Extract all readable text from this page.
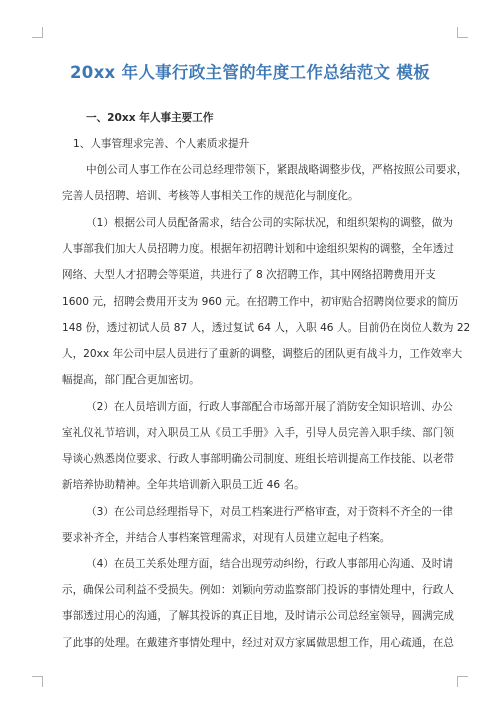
20xx 年人事行政主管的年度工作总结范文 模板
一、20xx 年人事主要工作
1、人事管理求完善、个人素质求提升
中创公司人事工作在公司总经理带领下，紧跟战略调整步伐，严格按照公司要求，
完善人员招聘、培训、考核等人事相关工作的规范化与制度化。
（1）根据公司人员配备需求，结合公司的实际状况，和组织架构的调整，做为
人事部我们加大人员招聘力度。根据年初招聘计划和中途组织架构的调整，全年透过
网络、大型人才招聘会等渠道，共进行了 8 次招聘工作，其中网络招聘费用开支
1600 元，招聘会费用开支为 960 元。在招聘工作中，初审贴合招聘岗位要求的简历
148 份，透过初试人员 87 人，透过复试 64 人，入职 46 人。目前仍在岗位人数为 22
人，20xx 年公司中层人员进行了重新的调整，调整后的团队更有战斗力，工作效率大
幅提高，部门配合更加密切。
（2）在人员培训方面，行政人事部配合市场部开展了消防安全知识培训、办公
室礼仪礼节培训，对入职员工从《员工手册》入手，引导人员完善入职手续、部门领
导谈心熟悉岗位要求、行政人事部明确公司制度、班组长培训提高工作技能、以老带
新培养协助精神。全年共培训新入职员工近 46 名。
（3）在公司总经理指导下，对员工档案进行严格审查，对于资料不齐全的一律
要求补齐全，并结合人事档案管理需求，对现有人员建立起电子档案。
（4）在员工关系处理方面，结合出现劳动纠纷，行政人事部用心沟通、及时请
示，确保公司利益不受损失。例如：刘颖向劳动监察部门投诉的事情处理中，行政人
事部透过用心的沟通，了解其投诉的真正目地，及时请示公司总经室领导，圆满完成
了此事的处理。在戴建齐事情处理中，经过对双方家属做思想工作，用心疏通，在总
